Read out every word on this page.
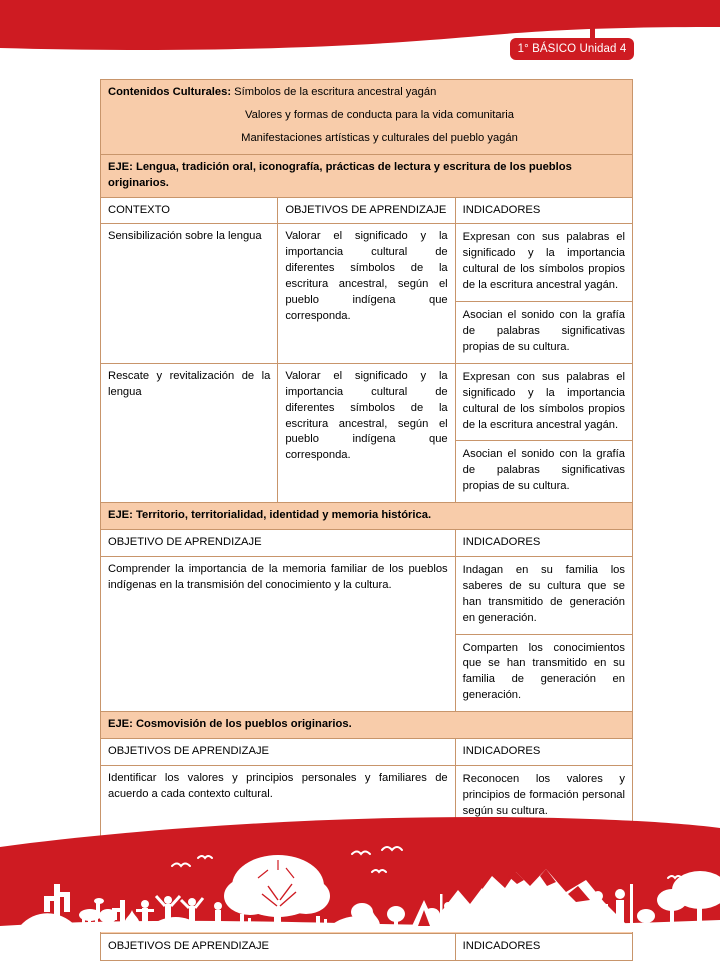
1° BÁSICO Unidad 4
Contenidos Culturales: Símbolos de la escritura ancestral yagán
Valores y formas de conducta para la vida comunitaria
Manifestaciones artísticas y culturales del pueblo yagán

EJE: Lengua, tradición oral, iconografía, prácticas de lectura y escritura de los pueblos originarios.
CONTEXTO	OBJETIVOS DE APRENDIZAJE	INDICADORES
Sensibilización sobre la lengua	Valorar el significado y la importancia cultural de diferentes símbolos de la escritura ancestral, según el pueblo indígena que corresponda.	
Expresan con sus palabras el significado y la importancia cultural de los símbolos propios de la escritura ancestral yagán.
Asocian el sonido con la grafía de palabras significativas propias de su cultura.

Rescate y revitalización de la lengua	Valorar el significado y la importancia cultural de diferentes símbolos de la escritura ancestral, según el pueblo indígena que corresponda.	
Expresan con sus palabras el significado y la importancia cultural de los símbolos propios de la escritura ancestral yagán.
Asocian el sonido con la grafía de palabras significativas propias de su cultura.

EJE: Territorio, territorialidad, identidad y memoria histórica.
OBJETIVO DE APRENDIZAJE	INDICADORES
Comprender la importancia de la memoria familiar de los pueblos indígenas en la transmisión del conocimiento y la cultura.	
Indagan en su familia los saberes de su cultura que se han transmitido de generación en generación.
Comparten los conocimientos que se han transmitido en su familia de generación en generación.

EJE: Cosmovisión de los pueblos originarios.
OBJETIVOS DE APRENDIZAJE	INDICADORES
Identificar los valores y principios personales y familiares de acuerdo a cada contexto cultural.	
Reconocen los valores y principios de formación personal según su cultura.

OBJETIVOS DE APRENDIZAJE	INDICADORES
